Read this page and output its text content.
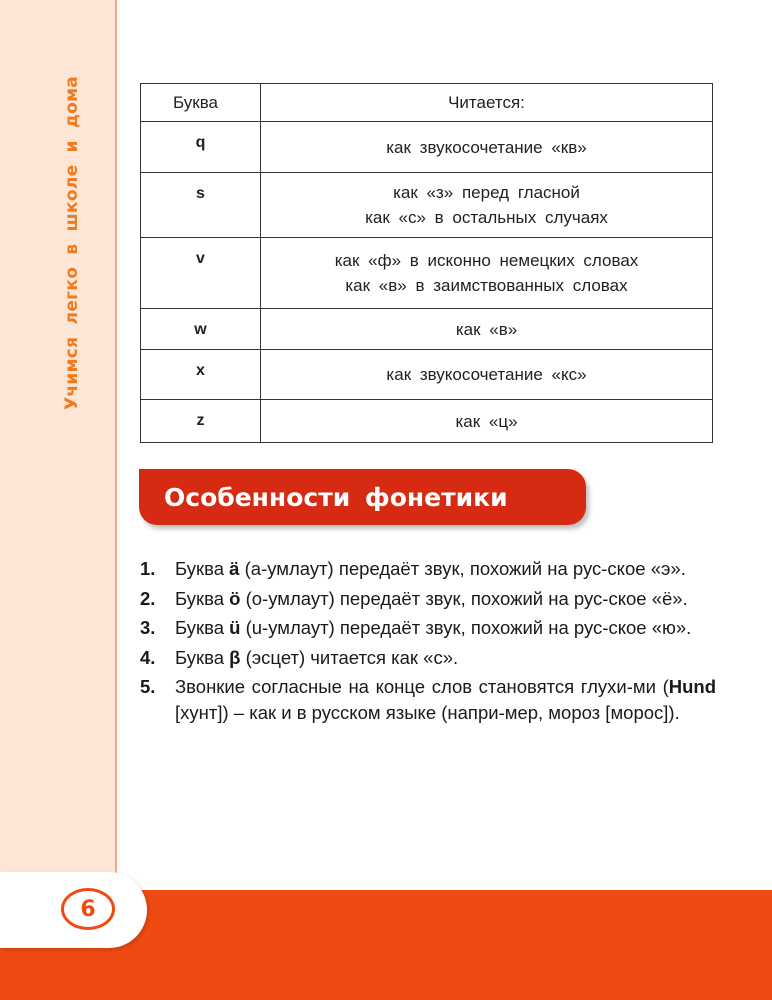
Учимся легко в школе и дома
6
Буква	Читается:
q	как звукосочетание «кв»

s	как «з» перед гласной
как «с» в остальных случаях

v	как «ф» в исконно немецких словах
как «в» в заимствованных словах

w	как «в»

x	как звукосочетание «кс»

z	как «ц»
Особенности фонетики
1. Буква ä (а-умлаут) передаёт звук, похожий на рус-ское «э».
2. Буква ö (о-умлаут) передаёт звук, похожий на рус-ское «ё».
3. Буква ü (u-умлаут) передаёт звук, похожий на рус-ское «ю».
4. Буква β (эсцет) читается как «с».
5. Звонкие согласные на конце слов становятся глухи-ми (Hund [хунт]) – как и в русском языке (напри-мер, мороз [морос]).
